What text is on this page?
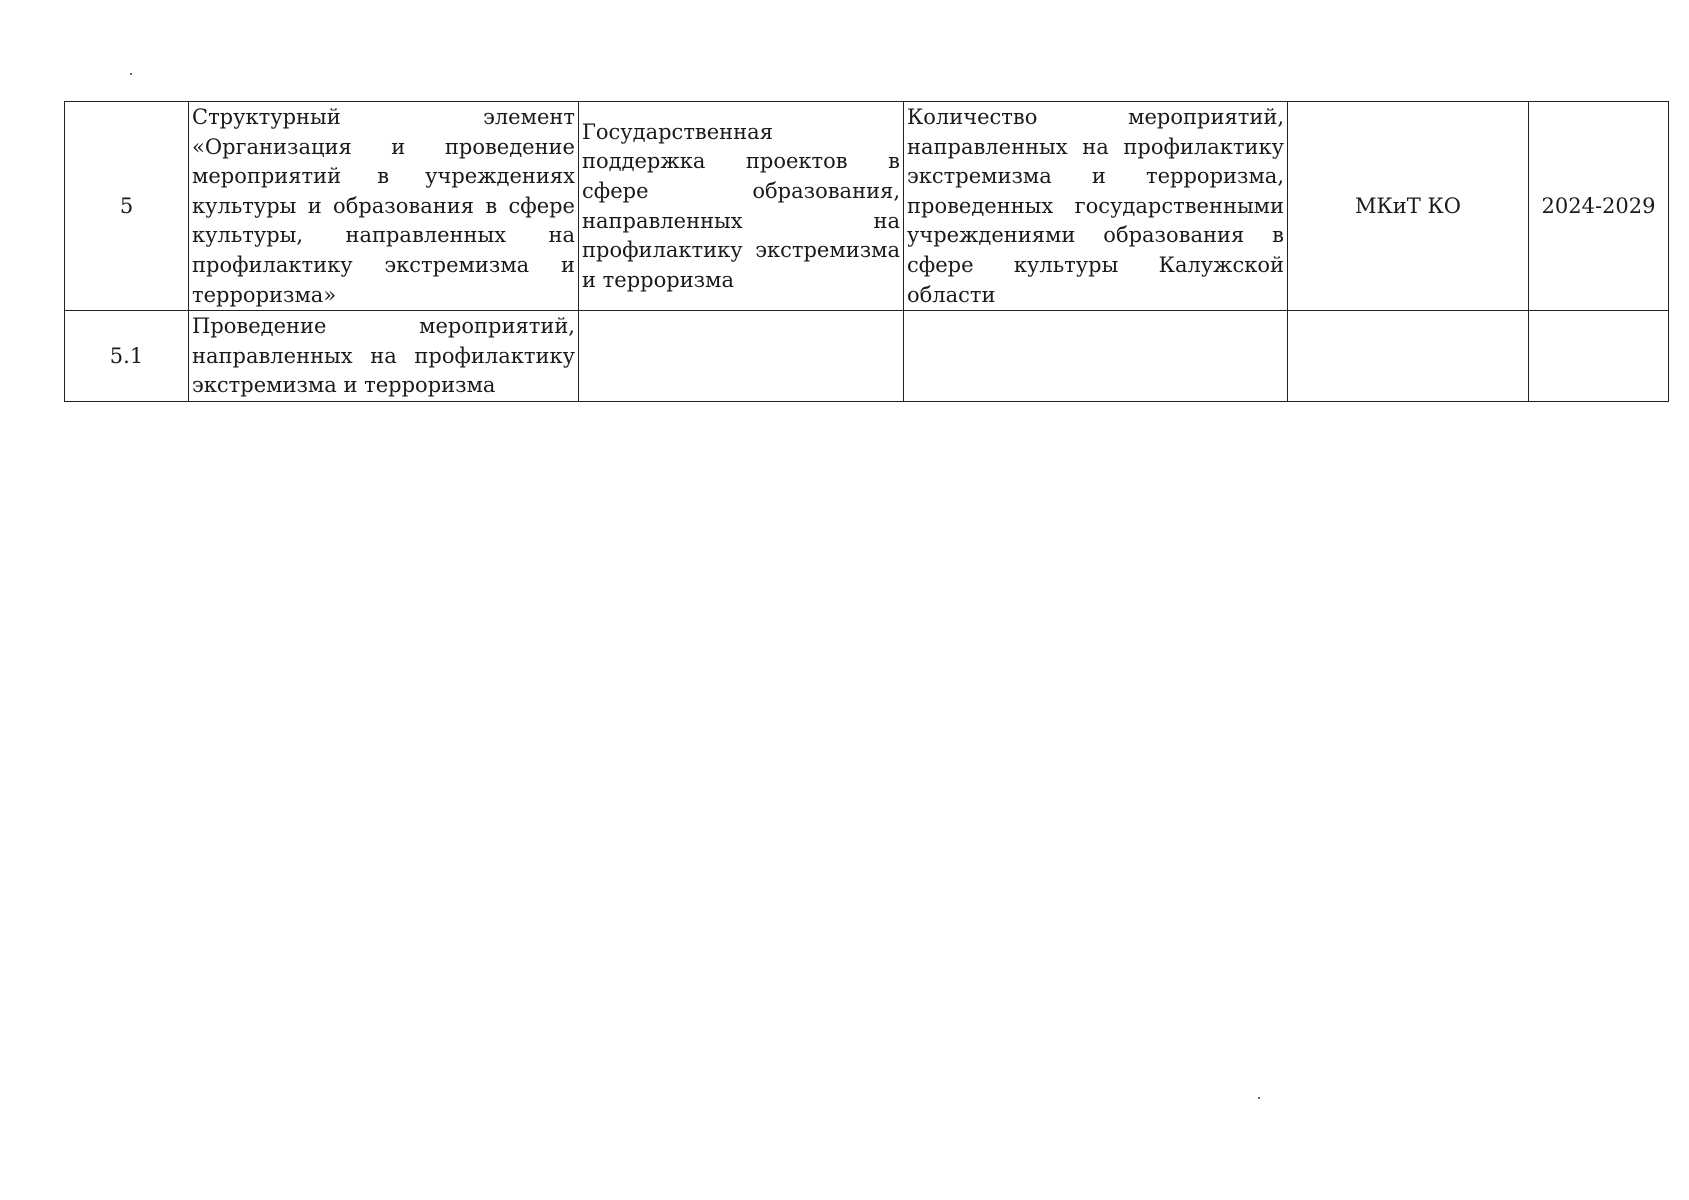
5	Структурный элемент «Организация и проведение мероприятий в учреждениях культуры и образования в сфере культуры, направленных на профилактику экстремизма и терроризма»	Государственная поддержка проектов в сфере образования, направленных на профилактику экстремизма и терроризма	Количество мероприятий, направленных на профилактику экстремизма и терроризма, проведенных государственными учреждениями образования в сфере культуры Калужской области	МКиТ КО	2024-2029
5.1	Проведение мероприятий, направленных на профилактику экстремизма и терроризма				
